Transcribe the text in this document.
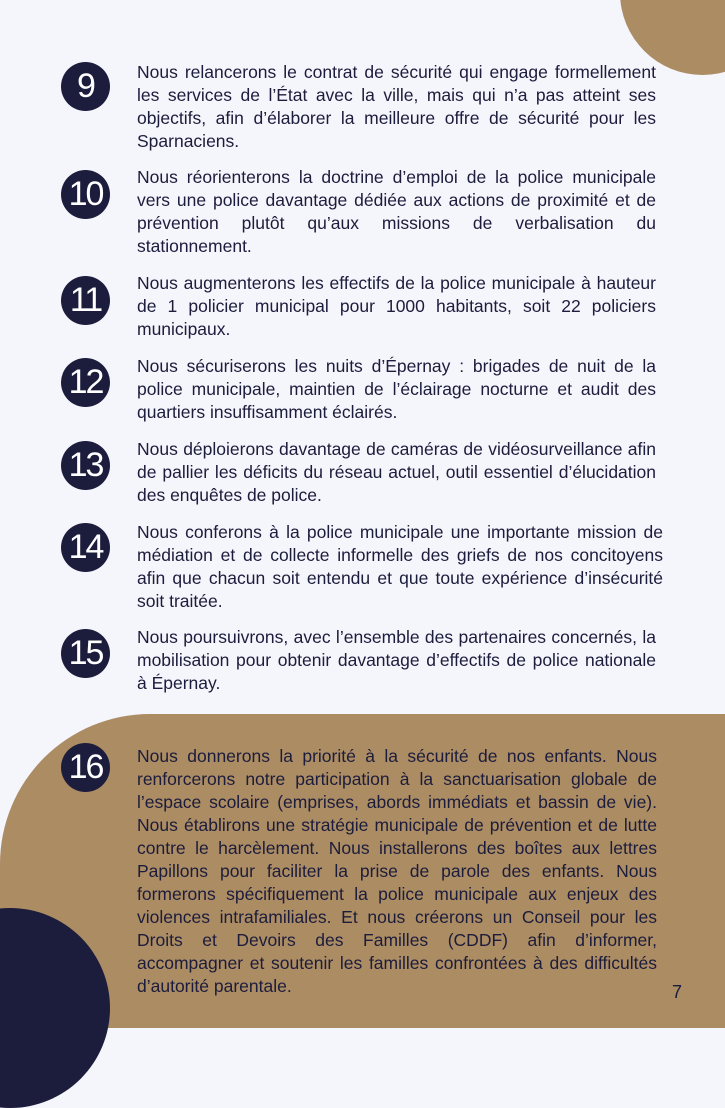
9	Nous relancerons le contrat de sécurité qui engage formellement les services de l’État avec la ville, mais qui n’a pas atteint ses objectifs, afin d’élaborer la meilleure offre de sécurité pour les Sparnaciens.
10	Nous réorienterons la doctrine d’emploi de la police municipale vers une police davantage dédiée aux actions de proximité et de prévention plutôt qu’aux missions de verbalisation du stationnement.
11	Nous augmenterons les effectifs de la police municipale à hauteur de 1 policier municipal pour 1000 habitants, soit 22 policiers municipaux.
12	Nous sécuriserons les nuits d’Épernay : brigades de nuit de la police municipale, maintien de l’éclairage nocturne et audit des quartiers insuffisamment éclairés.
13	Nous déploierons davantage de caméras de vidéosurveillance afin de pallier les déficits du réseau actuel, outil essentiel d’élucidation des enquêtes de police.
14	Nous conferons à la police municipale une importante mission de médiation et de collecte informelle des griefs de nos concitoyens afin que chacun soit entendu et que toute expérience d’insécurité soit traitée.
15	Nous poursuivrons, avec l’ensemble des partenaires concernés, la mobilisation pour obtenir davantage d’effectifs de police nationale à Épernay.
16	Nous donnerons la priorité à la sécurité de nos enfants. Nous renforcerons notre participation à la sanctuarisation globale de l’espace scolaire (emprises, abords immédiats et bassin de vie). Nous établirons une stratégie municipale de prévention et de lutte contre le harcèlement. Nous installerons des boîtes aux lettres Papillons pour faciliter la prise de parole des enfants. Nous formerons spécifiquement la police municipale aux enjeux des violences intrafamiliales. Et nous créerons un Conseil pour les Droits et Devoirs des Familles (CDDF) afin d’informer, accompagner et soutenir les familles confrontées à des difficultés d’autorité parentale.	7
